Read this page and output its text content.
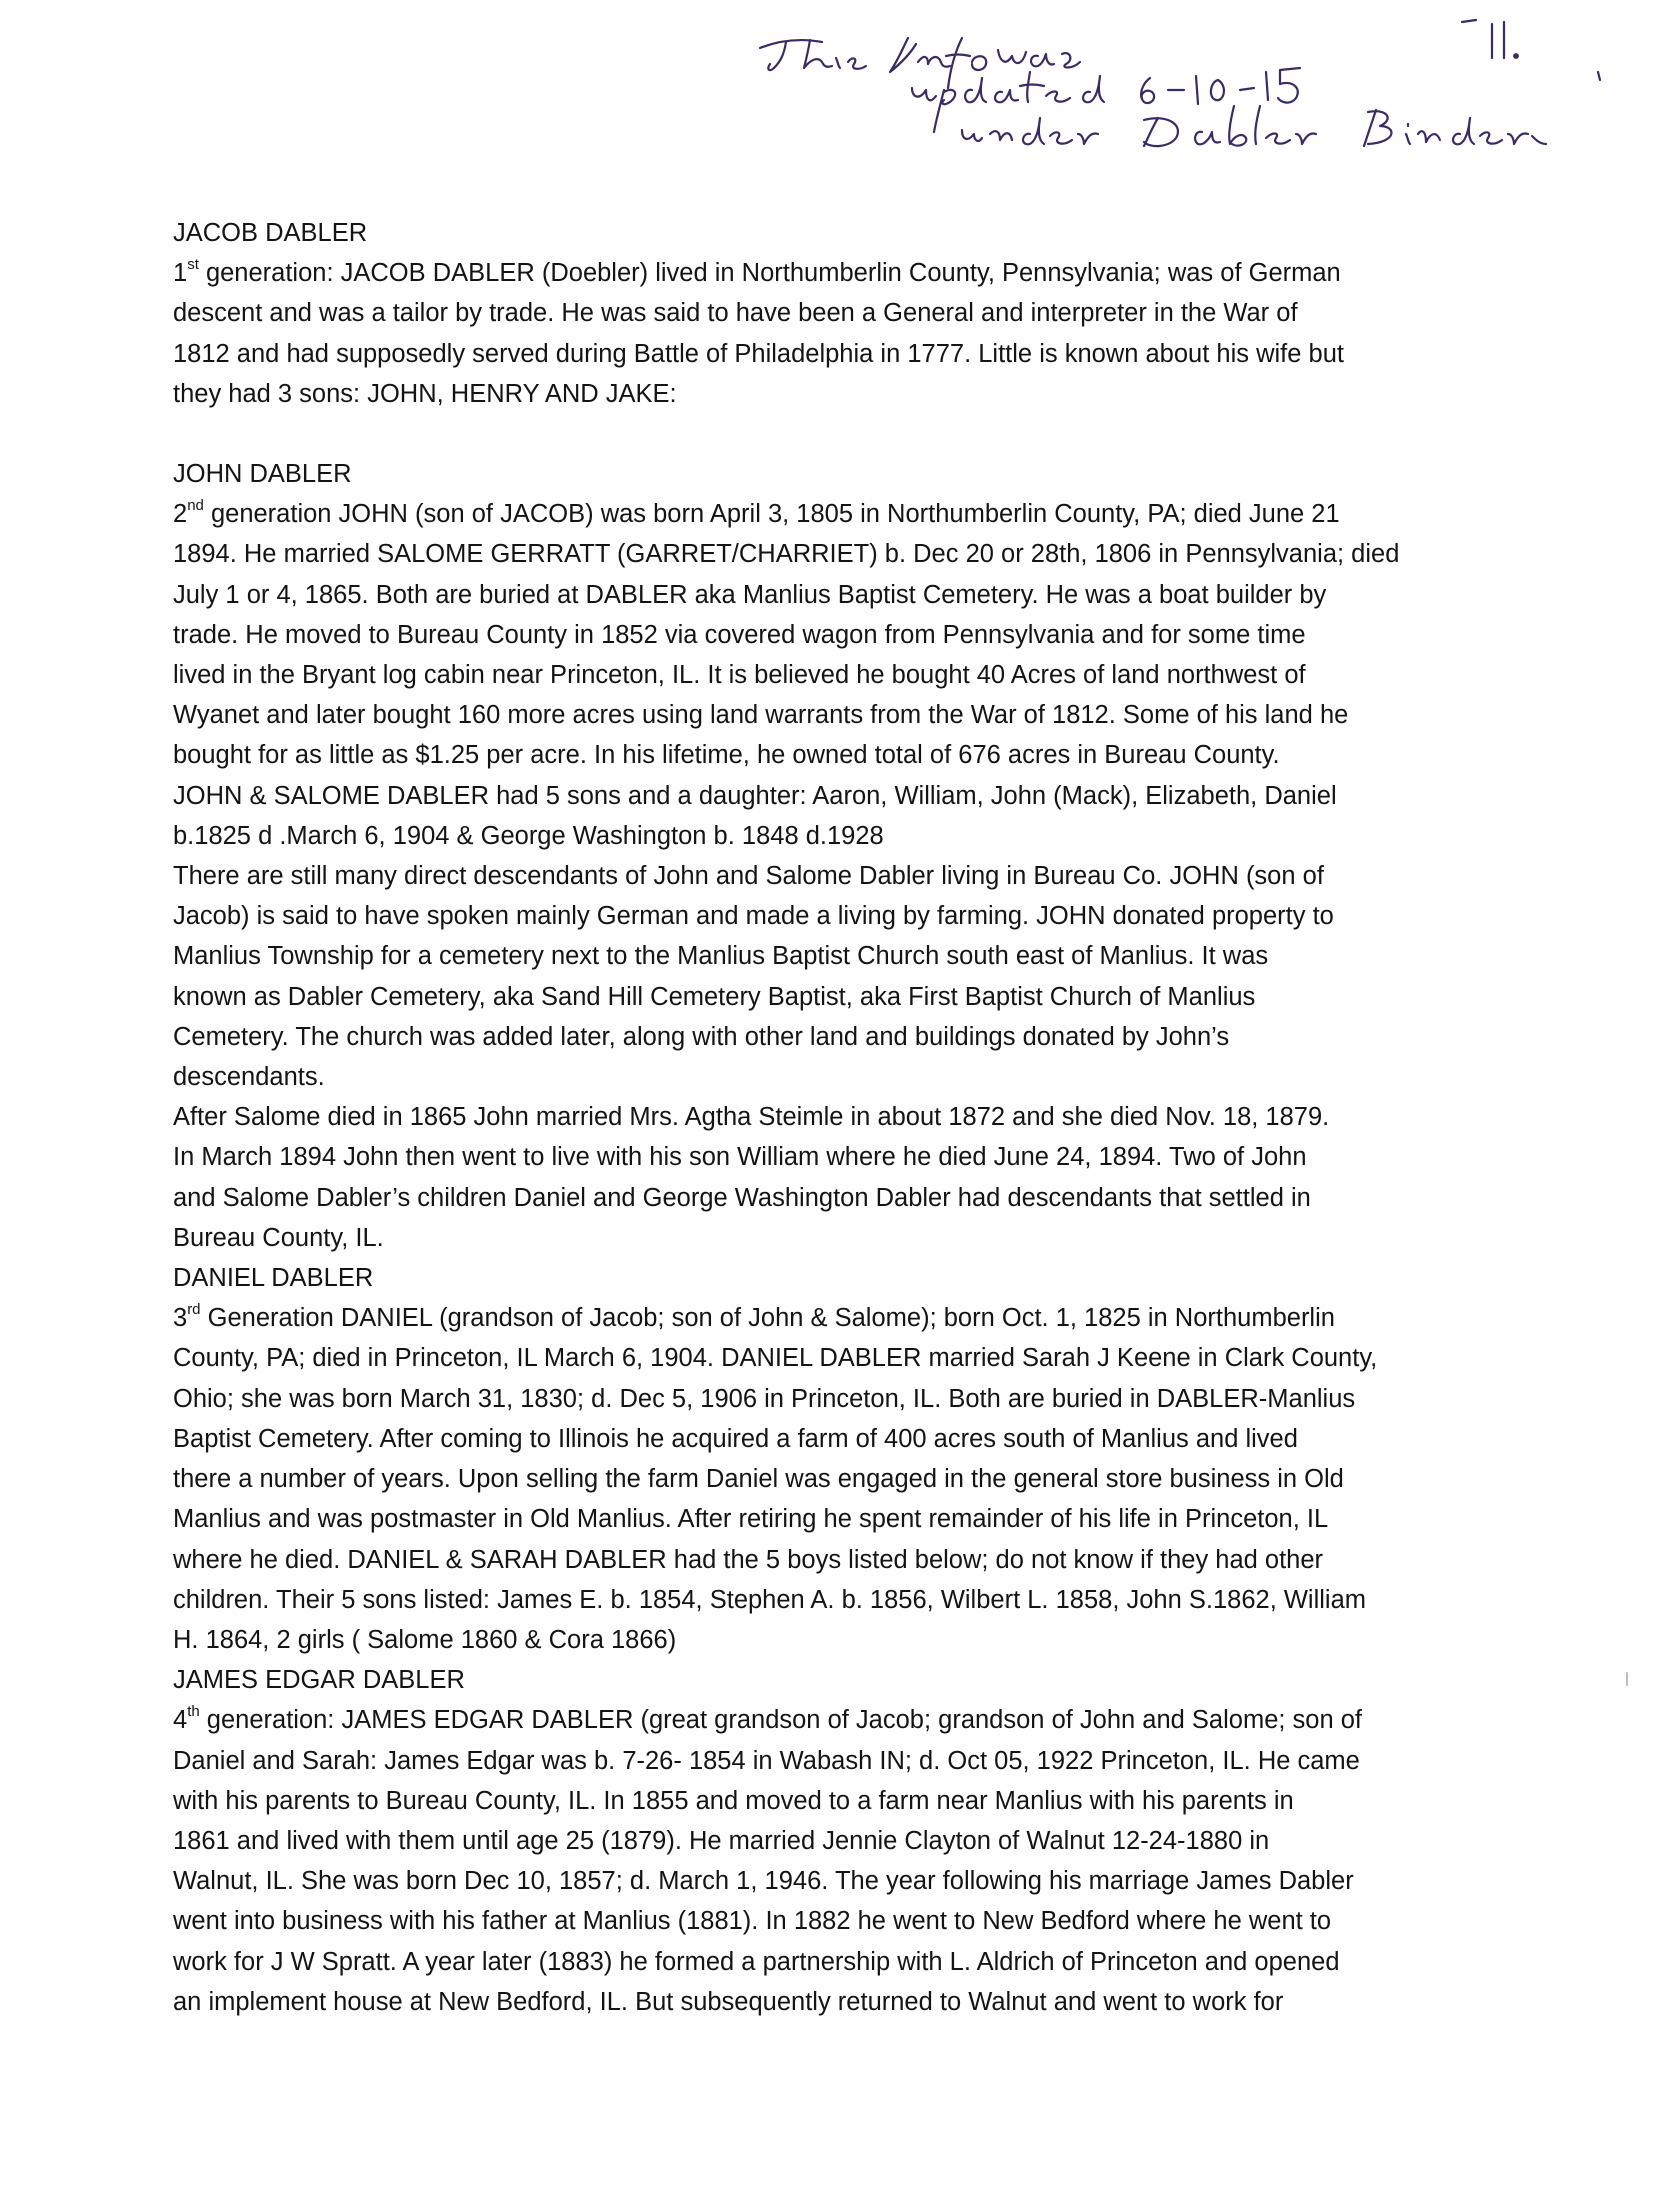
JACOB DABLER
1st generation: JACOB DABLER (Doebler) lived in Northumberlin County, Pennsylvania; was of German
descent and was a tailor by trade. He was said to have been a General and interpreter in the War of
1812 and had supposedly served during Battle of Philadelphia in 1777. Little is known about his wife but
they had 3 sons: JOHN, HENRY AND JAKE:
JOHN DABLER
2nd generation JOHN (son of JACOB) was born April 3, 1805 in Northumberlin County, PA; died June 21
1894. He married SALOME GERRATT (GARRET/CHARRIET) b. Dec 20 or 28th, 1806 in Pennsylvania; died
July 1 or 4, 1865. Both are buried at DABLER aka Manlius Baptist Cemetery. He was a boat builder by
trade. He moved to Bureau County in 1852 via covered wagon from Pennsylvania and for some time
lived in the Bryant log cabin near Princeton, IL. It is believed he bought 40 Acres of land northwest of
Wyanet and later bought 160 more acres using land warrants from the War of 1812. Some of his land he
bought for as little as $1.25 per acre. In his lifetime, he owned total of 676 acres in Bureau County.
JOHN & SALOME DABLER had 5 sons and a daughter: Aaron, William, John (Mack), Elizabeth, Daniel
b.1825 d .March 6, 1904 & George Washington b. 1848 d.1928
There are still many direct descendants of John and Salome Dabler living in Bureau Co. JOHN (son of
Jacob) is said to have spoken mainly German and made a living by farming. JOHN donated property to
Manlius Township for a cemetery next to the Manlius Baptist Church south east of Manlius. It was
known as Dabler Cemetery, aka Sand Hill Cemetery Baptist, aka First Baptist Church of Manlius
Cemetery. The church was added later, along with other land and buildings donated by John’s
descendants.
After Salome died in 1865 John married Mrs. Agtha Steimle in about 1872 and she died Nov. 18, 1879.
In March 1894 John then went to live with his son William where he died June 24, 1894. Two of John
and Salome Dabler’s children Daniel and George Washington Dabler had descendants that settled in
Bureau County, IL.
DANIEL DABLER
3rd Generation DANIEL (grandson of Jacob; son of John & Salome); born Oct. 1, 1825 in Northumberlin
County, PA; died in Princeton, IL March 6, 1904. DANIEL DABLER married Sarah J Keene in Clark County,
Ohio; she was born March 31, 1830; d. Dec 5, 1906 in Princeton, IL. Both are buried in DABLER-Manlius
Baptist Cemetery. After coming to Illinois he acquired a farm of 400 acres south of Manlius and lived
there a number of years. Upon selling the farm Daniel was engaged in the general store business in Old
Manlius and was postmaster in Old Manlius. After retiring he spent remainder of his life in Princeton, IL
where he died. DANIEL & SARAH DABLER had the 5 boys listed below; do not know if they had other
children. Their 5 sons listed: James E. b. 1854, Stephen A. b. 1856, Wilbert L. 1858, John S.1862, William
H. 1864, 2 girls ( Salome 1860 & Cora 1866)
JAMES EDGAR DABLER
4th generation: JAMES EDGAR DABLER (great grandson of Jacob; grandson of John and Salome; son of
Daniel and Sarah: James Edgar was b. 7-26- 1854 in Wabash IN; d. Oct 05, 1922 Princeton, IL. He came
with his parents to Bureau County, IL. In 1855 and moved to a farm near Manlius with his parents in
1861 and lived with them until age 25 (1879). He married Jennie Clayton of Walnut 12-24-1880 in
Walnut, IL. She was born Dec 10, 1857; d. March 1, 1946. The year following his marriage James Dabler
went into business with his father at Manlius (1881). In 1882 he went to New Bedford where he went to
work for J W Spratt. A year later (1883) he formed a partnership with L. Aldrich of Princeton and opened
an implement house at New Bedford, IL. But subsequently returned to Walnut and went to work for
